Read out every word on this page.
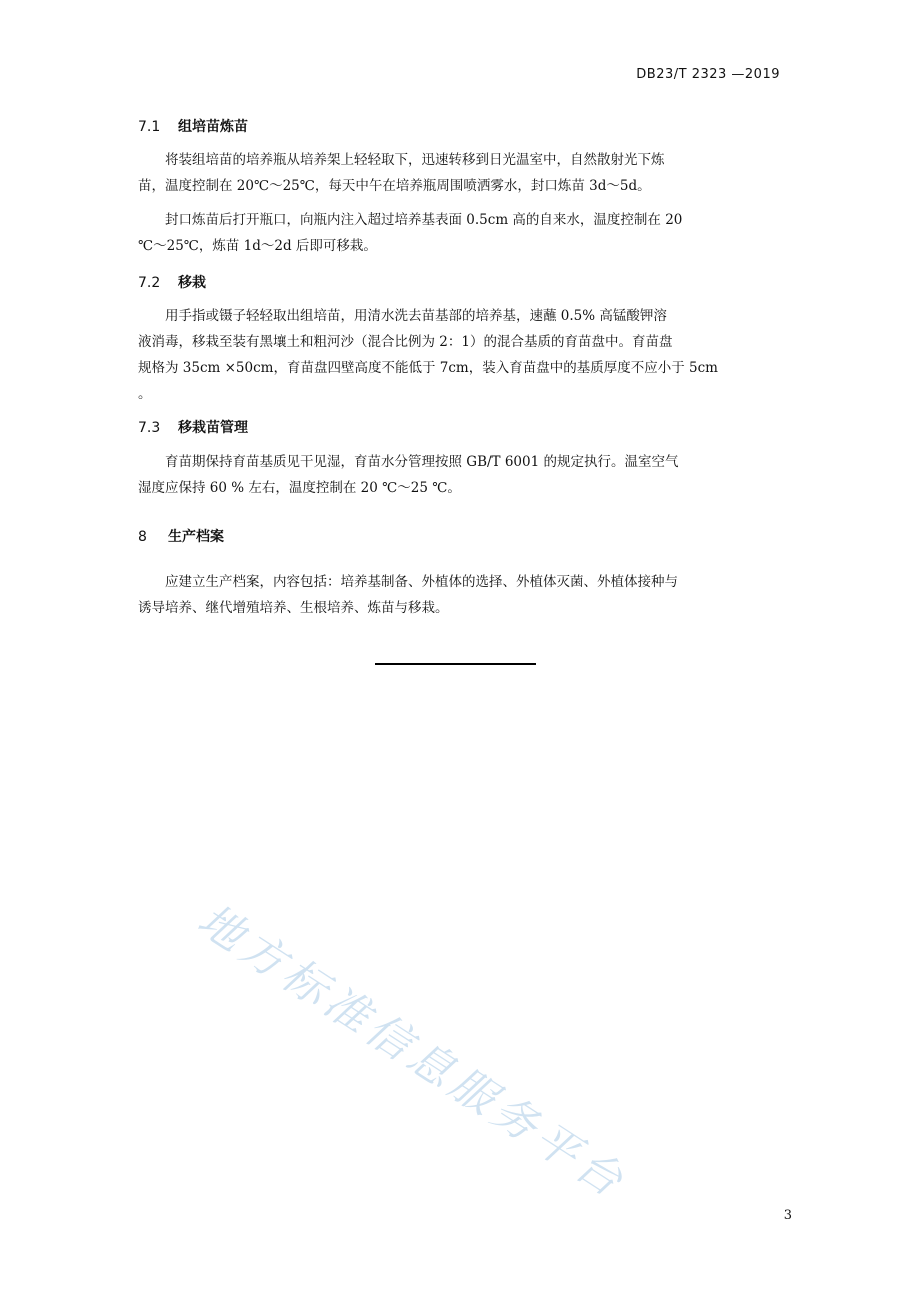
DB23/T 2323 —2019
7.1 组培苗炼苗
　　将装组培苗的培养瓶从培养架上轻轻取下，迅速转移到日光温室中，自然散射光下炼
苗，温度控制在 20℃～25℃，每天中午在培养瓶周围喷洒雾水，封口炼苗 3d～5d。
　　封口炼苗后打开瓶口，向瓶内注入超过培养基表面 0.5cm 高的自来水，温度控制在 20
℃～25℃，炼苗 1d～2d 后即可移栽。
7.2 移栽
　　用手指或镊子轻轻取出组培苗，用清水洗去苗基部的培养基，速蘸 0.5% 高锰酸钾溶
液消毒，移栽至装有黑壤土和粗河沙（混合比例为 2：1）的混合基质的育苗盘中。育苗盘
规格为 35cm ×50cm，育苗盘四壁高度不能低于 7cm，装入育苗盘中的基质厚度不应小于 5cm
。
7.3 移栽苗管理
　　育苗期保持育苗基质见干见湿，育苗水分管理按照 GB/T 6001 的规定执行。温室空气
湿度应保持 60 % 左右，温度控制在 20 ℃～25 ℃。
8 生产档案
　　应建立生产档案，内容包括：培养基制备、外植体的选择、外植体灭菌、外植体接种与
诱导培养、继代增殖培养、生根培养、炼苗与移栽。
地方标准信息服务平台
3
